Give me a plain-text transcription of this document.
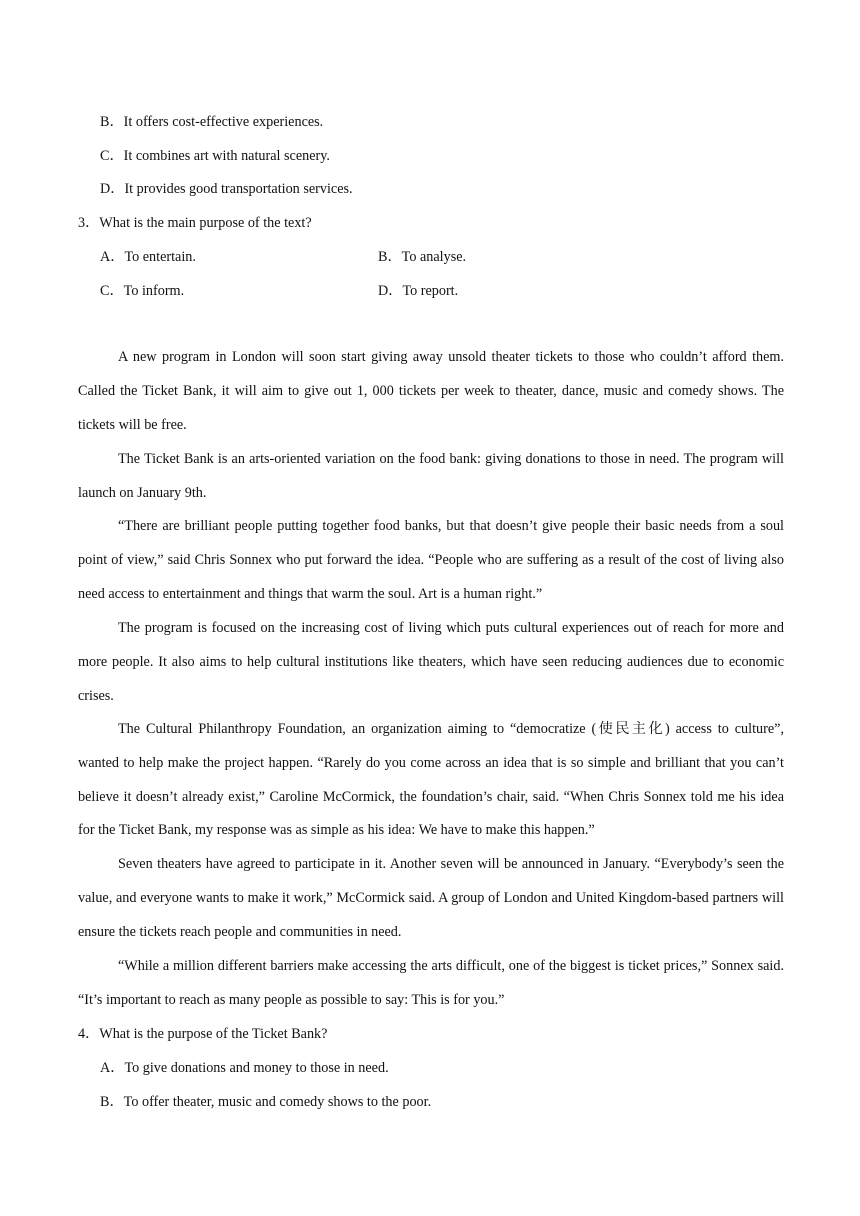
B．It offers cost-effective experiences.
C．It combines art with natural scenery.
D．It provides good transportation services.
3．What is the main purpose of the text?
A．To entertain.	B．To analyse.
C．To inform.	D．To report.

A new program in London will soon start giving away unsold theater tickets to those who couldn’t afford them. Called the Ticket Bank, it will aim to give out 1, 000 tickets per week to theater, dance, music and comedy shows. The tickets will be free.

The Ticket Bank is an arts-oriented variation on the food bank: giving donations to those in need. The program will launch on January 9th.

“There are brilliant people putting together food banks, but that doesn’t give people their basic needs from a soul point of view,” said Chris Sonnex who put forward the idea. “People who are suffering as a result of the cost of living also need access to entertainment and things that warm the soul. Art is a human right.”

The program is focused on the increasing cost of living which puts cultural experiences out of reach for more and more people. It also aims to help cultural institutions like theaters, which have seen reducing audiences due to economic crises.

The Cultural Philanthropy Foundation, an organization aiming to “democratize (使民主化) access to culture”, wanted to help make the project happen. “Rarely do you come across an idea that is so simple and brilliant that you can’t believe it doesn’t already exist,” Caroline McCormick, the foundation’s chair, said. “When Chris Sonnex told me his idea for the Ticket Bank, my response was as simple as his idea: We have to make this happen.”

Seven theaters have agreed to participate in it. Another seven will be announced in January. “Everybody’s seen the value, and everyone wants to make it work,” McCormick said. A group of London and United Kingdom-based partners will ensure the tickets reach people and communities in need.

“While a million different barriers make accessing the arts difficult, one of the biggest is ticket prices,” Sonnex said. “It’s important to reach as many people as possible to say: This is for you.”

4．What is the purpose of the Ticket Bank?
A．To give donations and money to those in need.
B．To offer theater, music and comedy shows to the poor.
